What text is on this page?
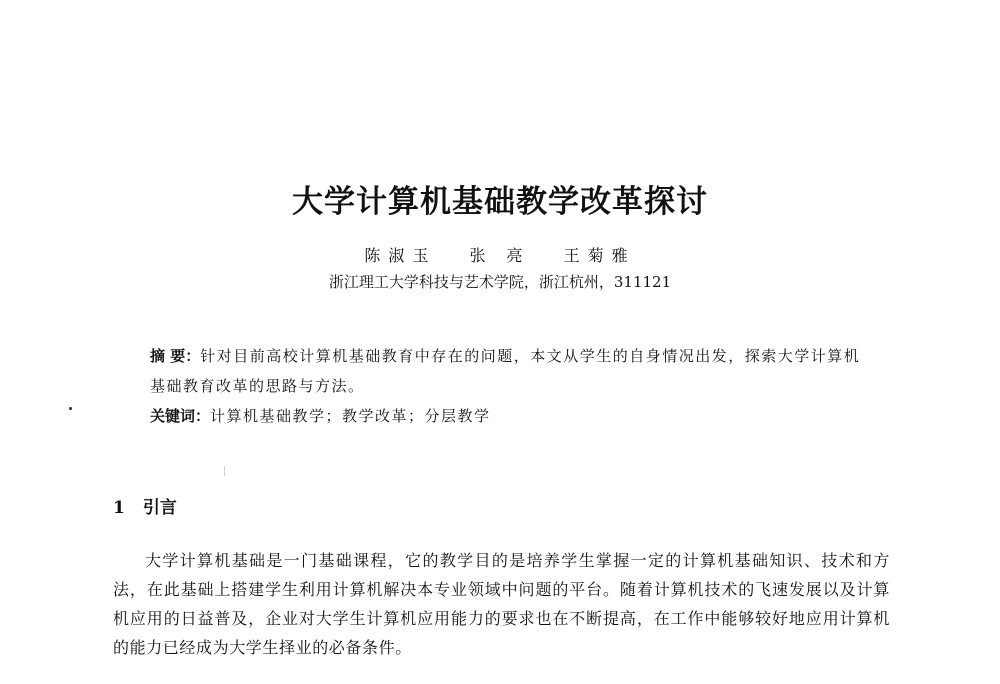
大学计算机基础教学改革探讨
陈淑玉 张 亮 王菊雅
浙江理工大学科技与艺术学院，浙江杭州，311121
摘 要：针对目前高校计算机基础教育中存在的问题，本文从学生的自身情况出发，探索大学计算机基础教育改革的思路与方法。
关键词：计算机基础教学；教学改革；分层教学
1 引言

大学计算机基础是一门基础课程，它的教学目的是培养学生掌握一定的计算机基础知识、技术和方法，在此基础上搭建学生利用计算机解决本专业领域中问题的平台。随着计算机技术的飞速发展以及计算机应用的日益普及，企业对大学生计算机应用能力的要求也在不断提高，在工作中能够较好地应用计算机的能力已经成为大学生择业的必备条件。
